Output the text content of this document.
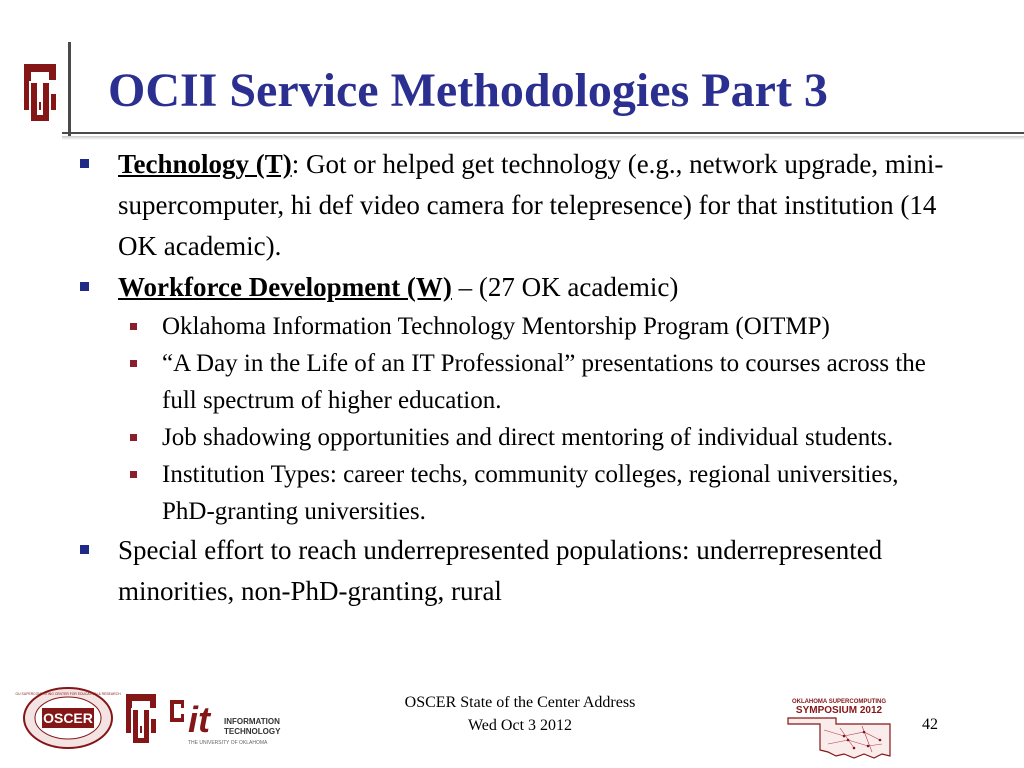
OCII Service Methodologies Part 3
Technology (T): Got or helped get technology (e.g., network upgrade, mini-supercomputer, hi def video camera for telepresence) for that institution (14 OK academic).
Workforce Development (W) – (27 OK academic)
Oklahoma Information Technology Mentorship Program (OITMP)
“A Day in the Life of an IT Professional” presentations to courses across the full spectrum of higher education.
Job shadowing opportunities and direct mentoring of individual students.
Institution Types: career techs, community colleges, regional universities, PhD-granting universities.
Special effort to reach underrepresented populations: underrepresented minorities, non-PhD-granting, rural
OSCER
OU SUPERCOMPUTING CENTER FOR EDUCATION & RESEARCH
it INFORMATION
TECHNOLOGY
THE UNIVERSITY OF OKLAHOMA
OSCER State of the Center Address
Wed Oct 3 2012
OKLAHOMA SUPERCOMPUTING
SYMPOSIUM 2012
42
